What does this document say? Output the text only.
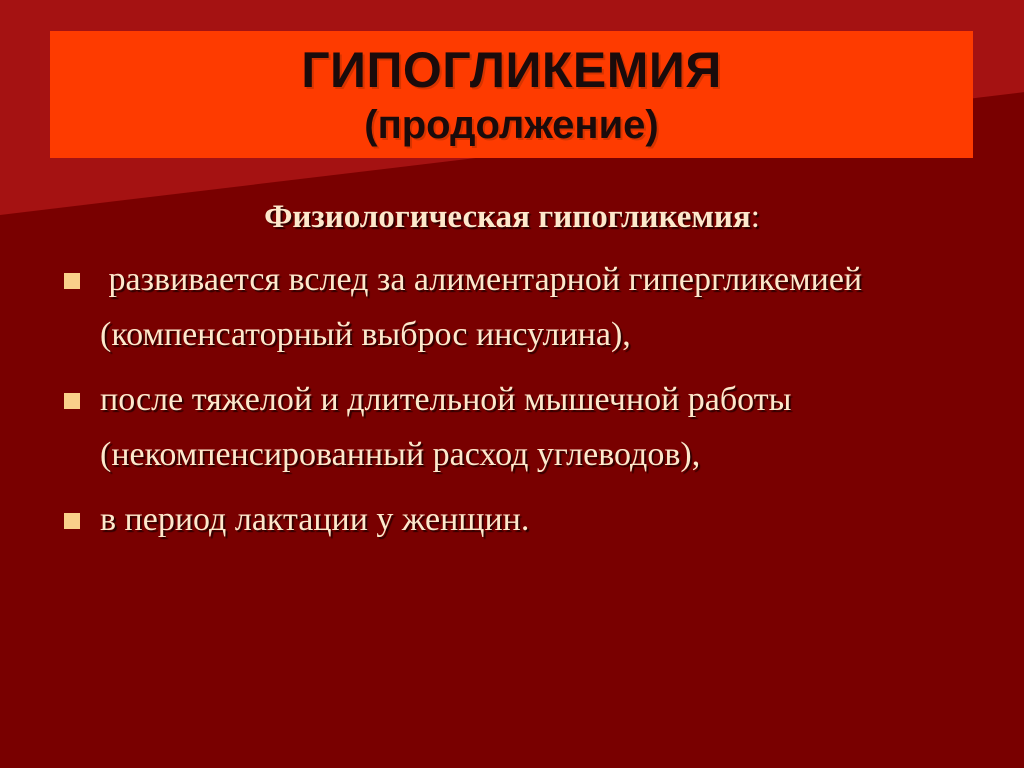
ГИПОГЛИКЕМИЯ
(продолжение)
Физиологическая гипогликемия:
развивается вслед за алиментарной гипергликемией (компенсаторный выброс инсулина),
после тяжелой и длительной мышечной работы (некомпенсированный расход углеводов),
в период лактации у женщин.
